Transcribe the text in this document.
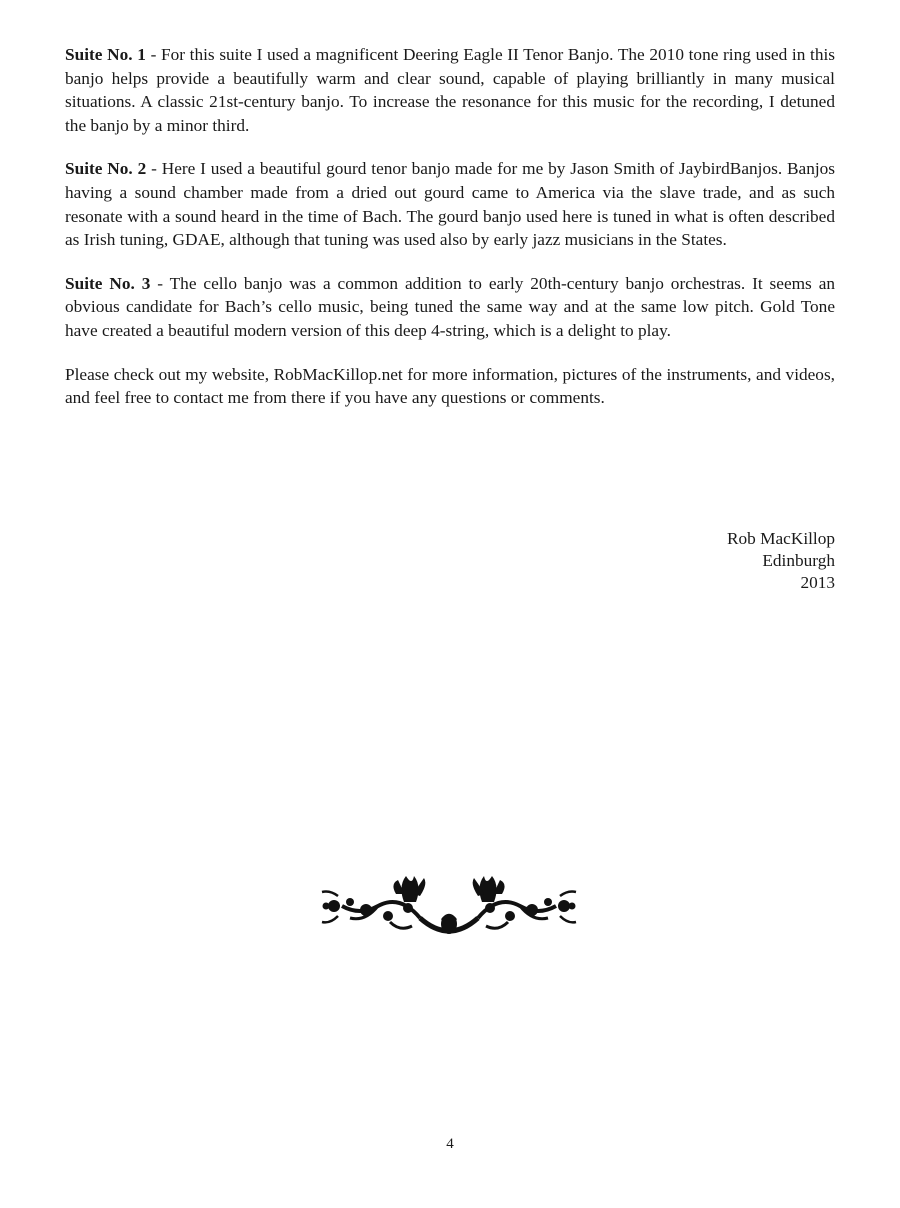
Suite No. 1 - For this suite I used a magnificent Deering Eagle II Tenor Banjo. The 2010 tone ring used in this banjo helps provide a beautifully warm and clear sound, capable of playing brilliantly in many musical situations. A classic 21st-century banjo. To increase the resonance for this music for the recording, I detuned the banjo by a minor third.

Suite No. 2 - Here I used a beautiful gourd tenor banjo made for me by Jason Smith of JaybirdBanjos. Banjos having a sound chamber made from a dried out gourd came to America via the slave trade, and as such resonate with a sound heard in the time of Bach. The gourd banjo used here is tuned in what is often described as Irish tuning, GDAE, although that tuning was used also by early jazz musicians in the States.

Suite No. 3 - The cello banjo was a common addition to early 20th-century banjo orchestras. It seems an obvious candidate for Bach’s cello music, being tuned the same way and at the same low pitch. Gold Tone have created a beautiful modern version of this deep 4-string, which is a delight to play.

Please check out my website, RobMacKillop.net for more information, pictures of the instruments, and videos, and feel free to contact me from there if you have any questions or comments.

Rob MacKillop
Edinburgh
2013
4
